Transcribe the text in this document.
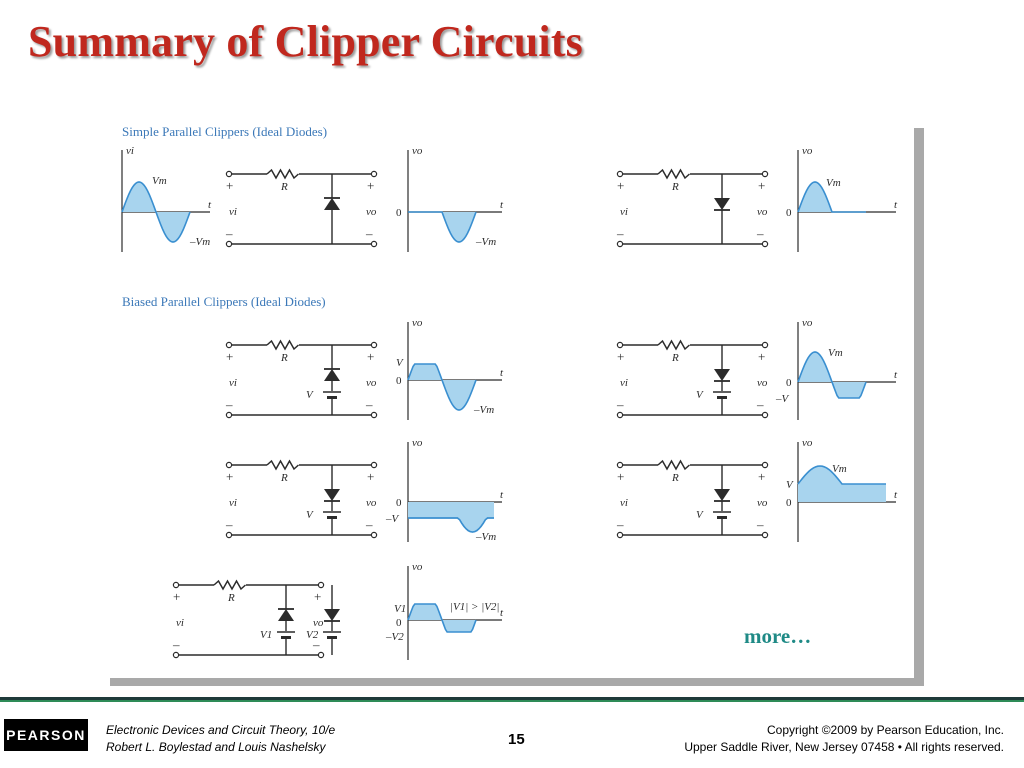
Summary of Clipper Circuits
Simple Parallel Clippers (Ideal Diodes)
Biased Parallel Clippers (Ideal Diodes)
vi
t
Vm
–Vm
R
+	+
–	–
vi	vo
vo
t
0
–Vm
R
+	+
–	–
vi	vo
vo
t
0
Vm
R
+	+
–	–
vi	vo
V
vo
t
V
0
–Vm
R
+	+
–	–
vi	vo
V
vo
t
0
–V
Vm
R
+	+
–	–
vi	vo
V
vo
t
0
–V
–Vm
R
+	+
–	–
vi	vo
V
vo
t
0
V
Vm
R
+	+
–	–
vi	vo
V1	V2
vo
t
V1
0
–V2
|V1| > |V2|
more…
PEARSON Electronic Devices and Circuit Theory, 10/e
Robert L. Boylestad and Louis Nashelsky	15
Copyright ©2009 by Pearson Education, Inc.
Upper Saddle River, New Jersey 07458 • All rights reserved.
